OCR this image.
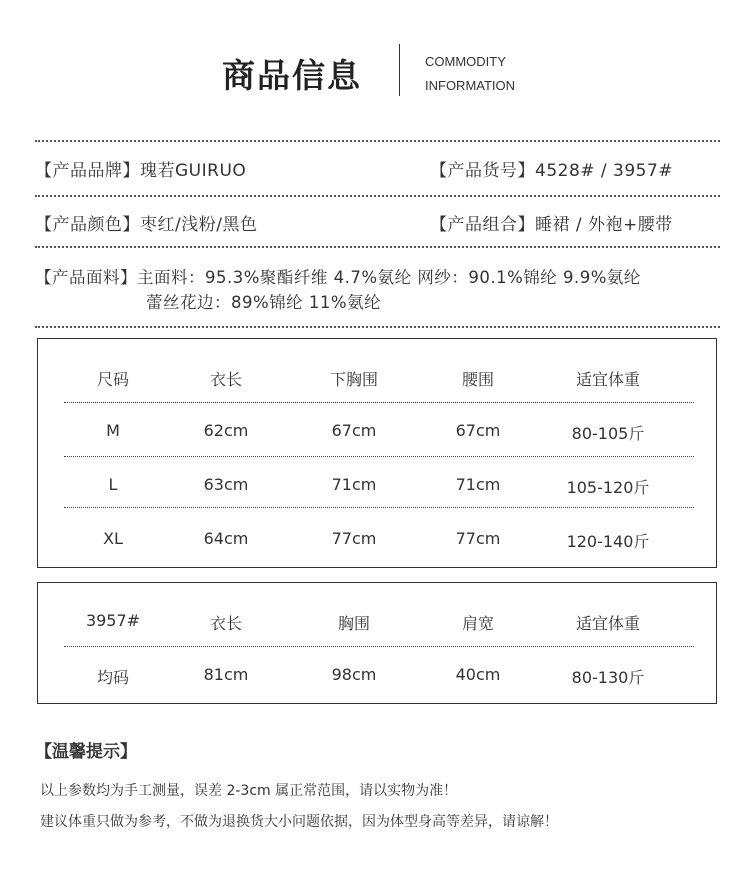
商品信息	COMMODITY
INFORMATION
【产品品牌】瑰若GUIRUO	【产品货号】4528# / 3957#
【产品颜色】枣红/浅粉/黑色	【产品组合】睡裙 / 外袍+腰带
【产品面料】主面料：95.3%聚酯纤维 4.7%氨纶 网纱：90.1%锦纶 9.9%氨纶
蕾丝花边：89%锦纶 11%氨纶
尺码	衣长	下胸围	腰围	适宜体重
M	62cm	67cm	67cm	80-105斤
L	63cm	71cm	71cm	105-120斤
XL	64cm	77cm	77cm	120-140斤
3957#	衣长	胸围	肩宽	适宜体重
均码	81cm	98cm	40cm	80-130斤
【温馨提示】
以上参数均为手工测量，误差 2-3cm 属正常范围，请以实物为准！
建议体重只做为参考，不做为退换货大小问题依据，因为体型身高等差异，请谅解！
